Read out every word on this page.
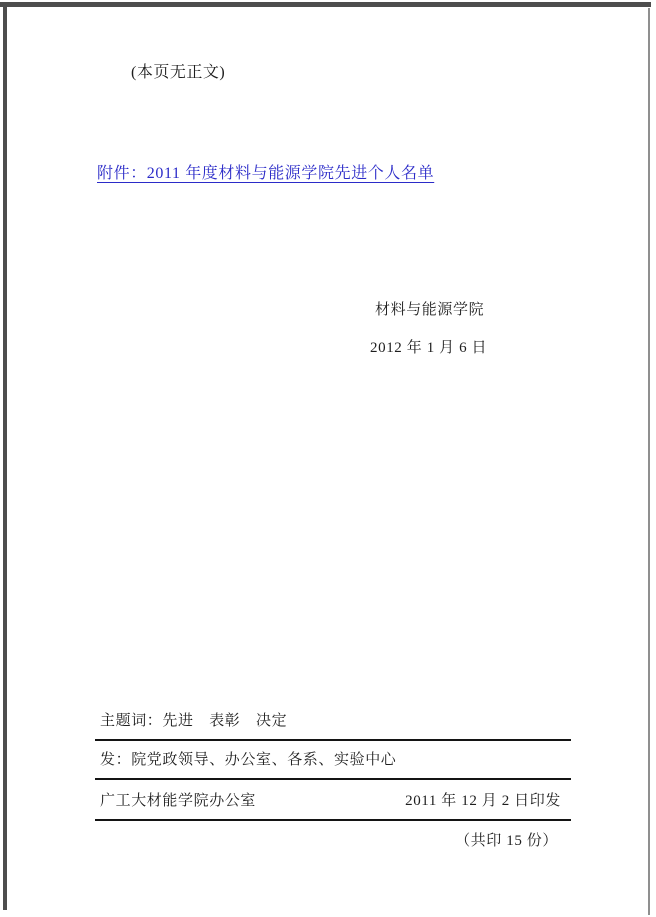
(本页无正文)
附件：2011 年度材料与能源学院先进个人名单
材料与能源学院
2012 年 1 月 6 日
主题词：先进　表彰　决定
发：院党政领导、办公室、各系、实验中心
广工大材能学院办公室	2011 年 12 月 2 日印发
（共印 15 份）
